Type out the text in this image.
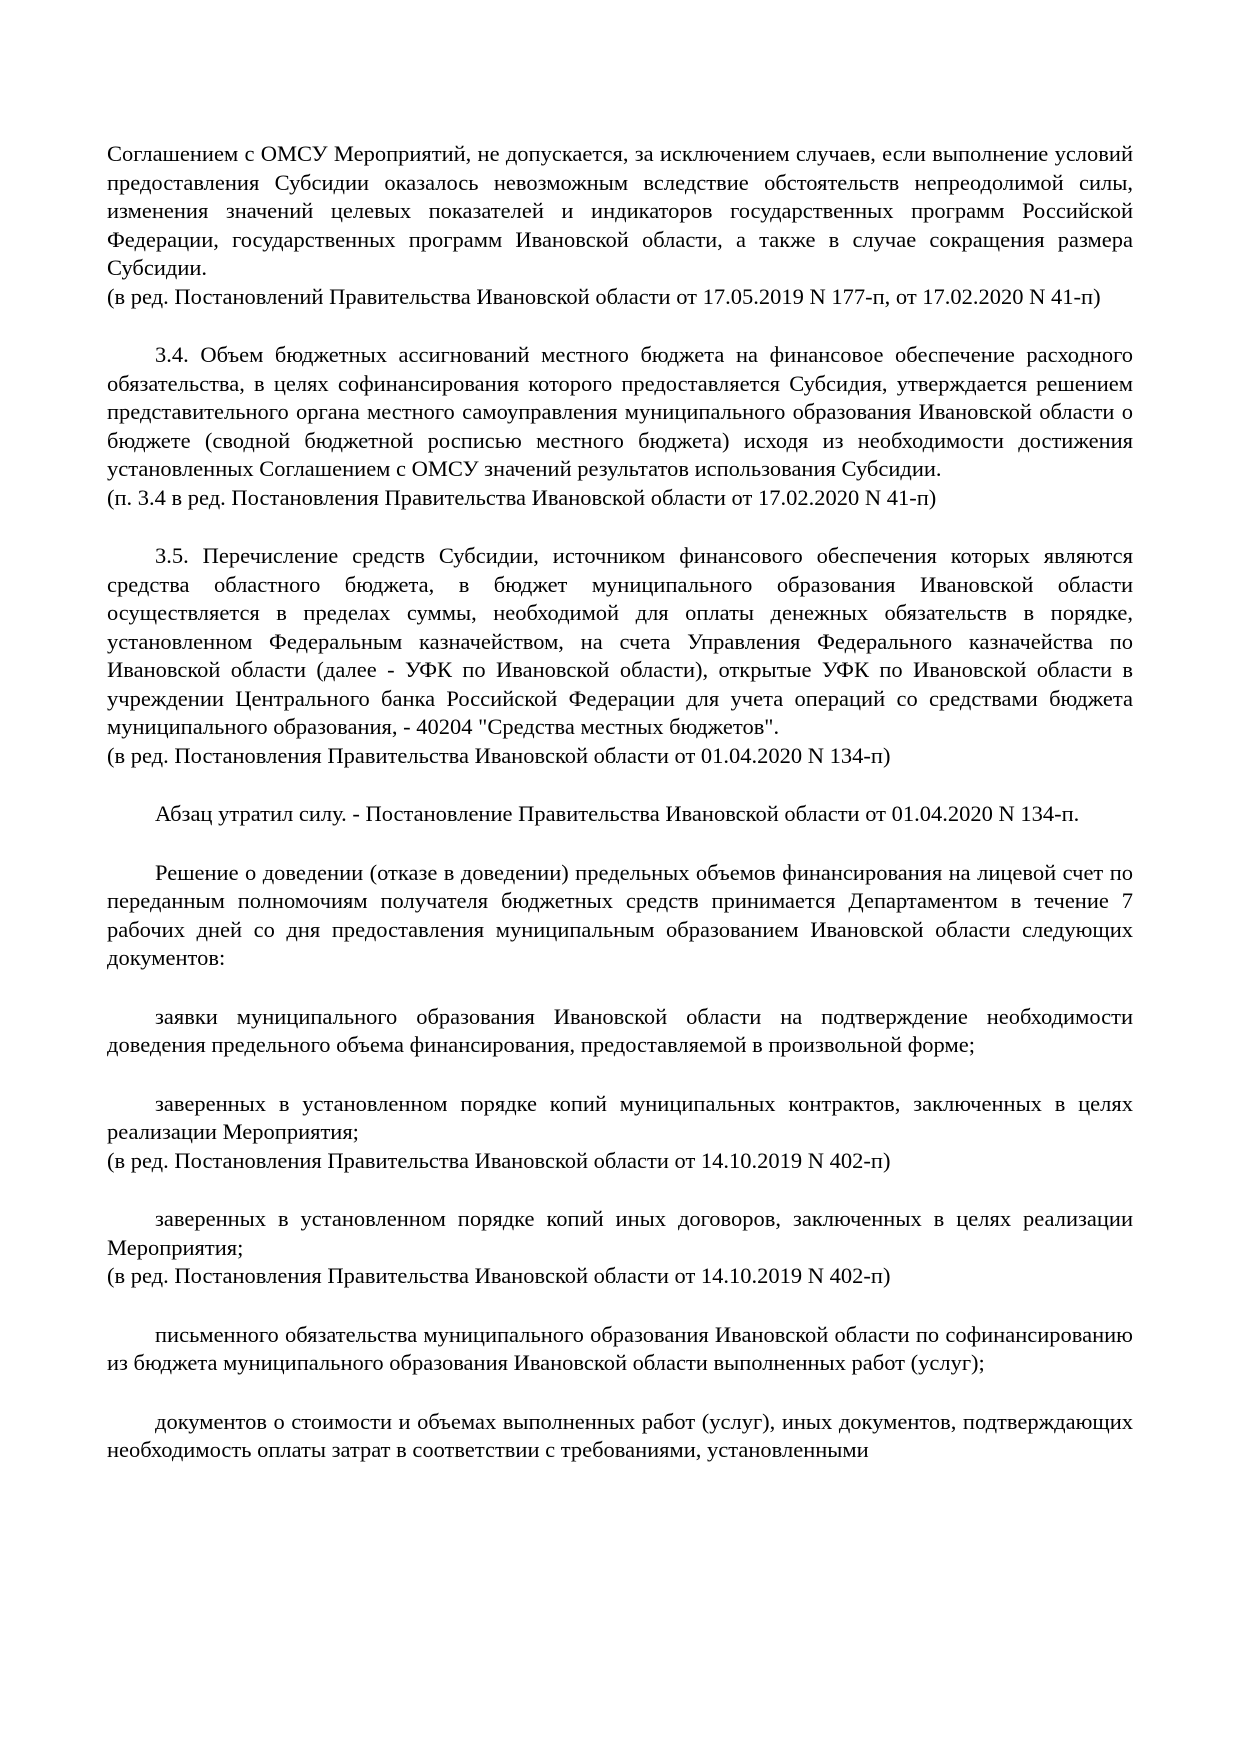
Соглашением с ОМСУ Мероприятий, не допускается, за исключением случаев, если выполнение условий предоставления Субсидии оказалось невозможным вследствие обстоятельств непреодолимой силы, изменения значений целевых показателей и индикаторов государственных программ Российской Федерации, государственных программ Ивановской области, а также в случае сокращения размера Субсидии.

(в ред. Постановлений Правительства Ивановской области от 17.05.2019 N 177-п, от 17.02.2020 N 41-п)

3.4. Объем бюджетных ассигнований местного бюджета на финансовое обеспечение расходного обязательства, в целях софинансирования которого предоставляется Субсидия, утверждается решением представительного органа местного самоуправления муниципального образования Ивановской области о бюджете (сводной бюджетной росписью местного бюджета) исходя из необходимости достижения установленных Соглашением с ОМСУ значений результатов использования Субсидии.

(п. 3.4 в ред. Постановления Правительства Ивановской области от 17.02.2020 N 41-п)

3.5. Перечисление средств Субсидии, источником финансового обеспечения которых являются средства областного бюджета, в бюджет муниципального образования Ивановской области осуществляется в пределах суммы, необходимой для оплаты денежных обязательств в порядке, установленном Федеральным казначейством, на счета Управления Федерального казначейства по Ивановской области (далее - УФК по Ивановской области), открытые УФК по Ивановской области в учреждении Центрального банка Российской Федерации для учета операций со средствами бюджета муниципального образования, - 40204 "Средства местных бюджетов".

(в ред. Постановления Правительства Ивановской области от 01.04.2020 N 134-п)

Абзац утратил силу. - Постановление Правительства Ивановской области от 01.04.2020 N 134-п.

Решение о доведении (отказе в доведении) предельных объемов финансирования на лицевой счет по переданным полномочиям получателя бюджетных средств принимается Департаментом в течение 7 рабочих дней со дня предоставления муниципальным образованием Ивановской области следующих документов:

заявки муниципального образования Ивановской области на подтверждение необходимости доведения предельного объема финансирования, предоставляемой в произвольной форме;

заверенных в установленном порядке копий муниципальных контрактов, заключенных в целях реализации Мероприятия;

(в ред. Постановления Правительства Ивановской области от 14.10.2019 N 402-п)

заверенных в установленном порядке копий иных договоров, заключенных в целях реализации Мероприятия;

(в ред. Постановления Правительства Ивановской области от 14.10.2019 N 402-п)

письменного обязательства муниципального образования Ивановской области по софинансированию из бюджета муниципального образования Ивановской области выполненных работ (услуг);

документов о стоимости и объемах выполненных работ (услуг), иных документов, подтверждающих необходимость оплаты затрат в соответствии с требованиями, установленными
